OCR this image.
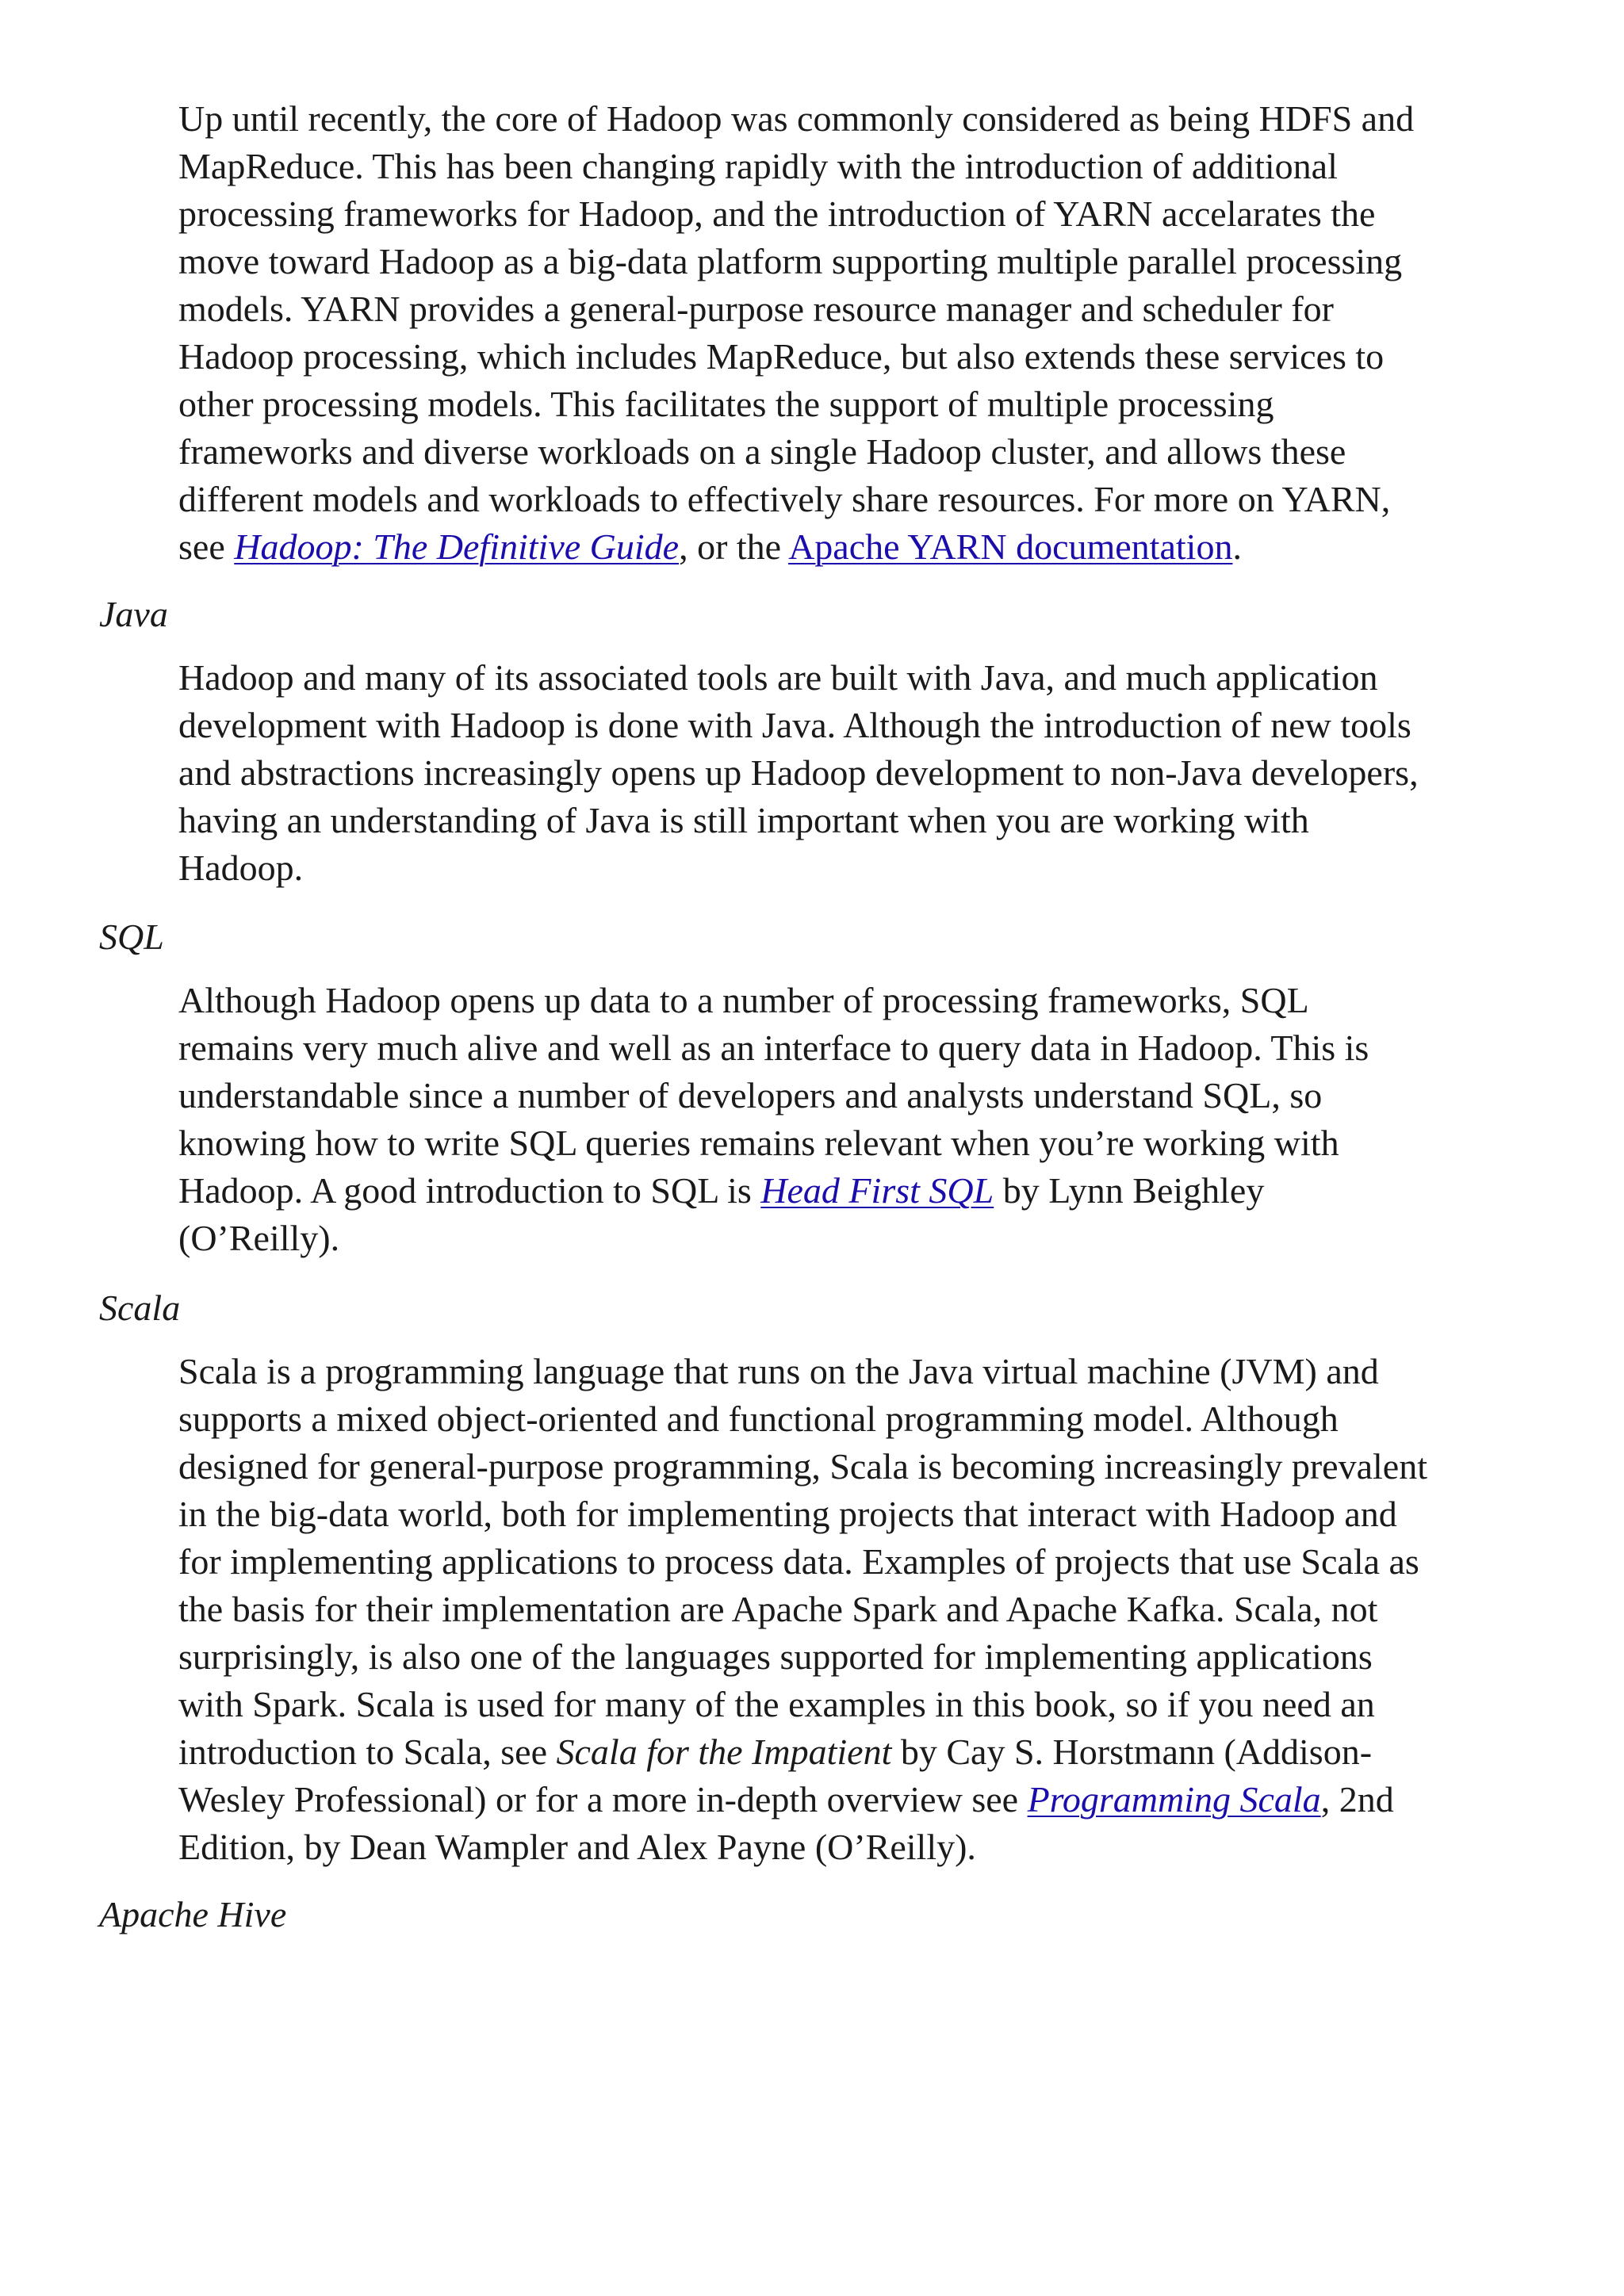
Up until recently, the core of Hadoop was commonly considered as being HDFS and
MapReduce. This has been changing rapidly with the introduction of additional
processing frameworks for Hadoop, and the introduction of YARN accelarates the
move toward Hadoop as a big-data platform supporting multiple parallel processing
models. YARN provides a general-purpose resource manager and scheduler for
Hadoop processing, which includes MapReduce, but also extends these services to
other processing models. This facilitates the support of multiple processing
frameworks and diverse workloads on a single Hadoop cluster, and allows these
different models and workloads to effectively share resources. For more on YARN,
see Hadoop: The Definitive Guide, or the Apache YARN documentation.

Java

Hadoop and many of its associated tools are built with Java, and much application
development with Hadoop is done with Java. Although the introduction of new tools
and abstractions increasingly opens up Hadoop development to non-Java developers,
having an understanding of Java is still important when you are working with
Hadoop.

SQL

Although Hadoop opens up data to a number of processing frameworks, SQL
remains very much alive and well as an interface to query data in Hadoop. This is
understandable since a number of developers and analysts understand SQL, so
knowing how to write SQL queries remains relevant when you’re working with
Hadoop. A good introduction to SQL is Head First SQL by Lynn Beighley
(O’Reilly).

Scala

Scala is a programming language that runs on the Java virtual machine (JVM) and
supports a mixed object-oriented and functional programming model. Although
designed for general-purpose programming, Scala is becoming increasingly prevalent
in the big-data world, both for implementing projects that interact with Hadoop and
for implementing applications to process data. Examples of projects that use Scala as
the basis for their implementation are Apache Spark and Apache Kafka. Scala, not
surprisingly, is also one of the languages supported for implementing applications
with Spark. Scala is used for many of the examples in this book, so if you need an
introduction to Scala, see Scala for the Impatient by Cay S. Horstmann (Addison-
Wesley Professional) or for a more in-depth overview see Programming Scala, 2nd
Edition, by Dean Wampler and Alex Payne (O’Reilly).

Apache Hive
